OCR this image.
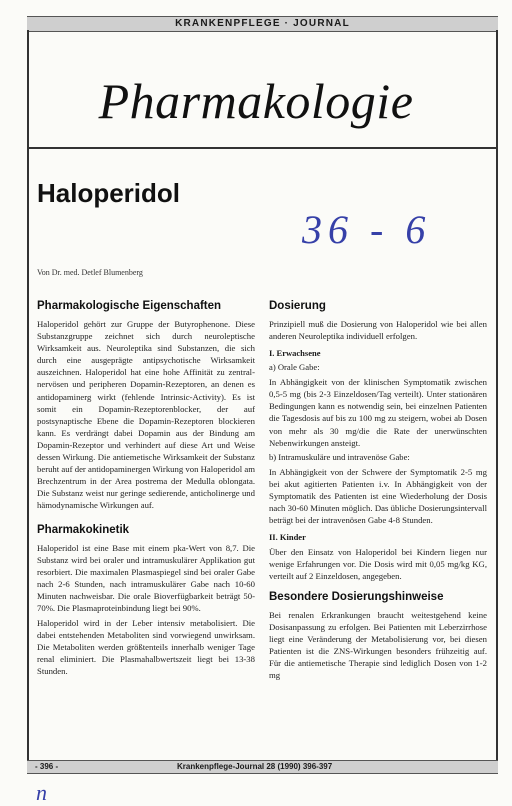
KRANKENPFLEGE · JOURNAL
Pharmakologie
Haloperidol
36 - 6
Von Dr. med. Detlef Blumenberg
Pharmakologische Eigenschaften

Haloperidol gehört zur Gruppe der Butyrophenone. Diese Substanzgruppe zeichnet sich durch neuroleptische Wirksamkeit aus. Neuroleptika sind Substanzen, die sich durch eine ausgeprägte antipsychotische Wirksamkeit auszeichnen. Haloperidol hat eine hohe Affinität zu zentral-nervösen und peripheren Dopamin-Rezeptoren, an denen es antidopaminerg wirkt (fehlende Intrinsic-Activity). Es ist somit ein Dopamin-Rezeptorenblocker, der auf postsynaptische Ebene die Dopamin-Rezeptoren blockieren kann. Es verdrängt dabei Dopamin aus der Bindung am Dopamin-Rezeptor und verhindert auf diese Art und Weise dessen Wirkung. Die antiemetische Wirksamkeit der Substanz beruht auf der antidopaminergen Wirkung von Haloperidol am Brechzentrum in der Area postrema der Medulla oblongata. Die Substanz weist nur geringe sedierende, anticholinerge und hämodynamische Wirkungen auf.

Pharmakokinetik

Haloperidol ist eine Base mit einem pka-Wert von 8,7. Die Substanz wird bei oraler und intramuskulärer Applikation gut resorbiert. Die maximalen Plasmaspiegel sind bei oraler Gabe nach 2-6 Stunden, nach intramuskulärer Gabe nach 10-60 Minuten nachweisbar. Die orale Bioverfügbarkeit beträgt 50-70%. Die Plasmaproteinbindung liegt bei 90%.

Haloperidol wird in der Leber intensiv metabolisiert. Die dabei entstehenden Metaboliten sind vorwiegend unwirksam. Die Metaboliten werden größtenteils innerhalb weniger Tage renal eliminiert. Die Plasmahalbwertszeit liegt bei 13-38 Stunden.

Dosierung

Prinzipiell muß die Dosierung von Haloperidol wie bei allen anderen Neuroleptika individuell erfolgen.

I. Erwachsene
a) Orale Gabe:

In Abhängigkeit von der klinischen Symptomatik zwischen 0,5-5 mg (bis 2-3 Einzeldosen/Tag verteilt). Unter stationären Bedingungen kann es notwendig sein, bei einzelnen Patienten die Tagesdosis auf bis zu 100 mg zu steigern, wobei ab Dosen von mehr als 30 mg/die die Rate der unerwünschten Nebenwirkungen ansteigt.

b) Intramuskuläre und intravenöse Gabe:

In Abhängigkeit von der Schwere der Symptomatik 2-5 mg bei akut agitierten Patienten i.v. In Abhängigkeit von der Symptomatik des Patienten ist eine Wiederholung der Dosis nach 30-60 Minuten möglich. Das übliche Dosierungsintervall beträgt bei der intravenösen Gabe 4-8 Stunden.

II. Kinder

Über den Einsatz von Haloperidol bei Kindern liegen nur wenige Erfahrungen vor. Die Dosis wird mit 0,05 mg/kg KG, verteilt auf 2 Einzeldosen, angegeben.

Besondere Dosierungshinweise

Bei renalen Erkrankungen braucht weitestgehend keine Dosisanpassung zu erfolgen. Bei Patienten mit Leberzirrhose liegt eine Veränderung der Metabolisierung vor, bei diesen Patienten ist die ZNS-Wirkungen besonders frühzeitig auf. Für die antiemetische Therapie sind lediglich Dosen von 1-2 mg

- 396 -	Krankenpflege-Journal 28 (1990) 396-397
ᴨ
